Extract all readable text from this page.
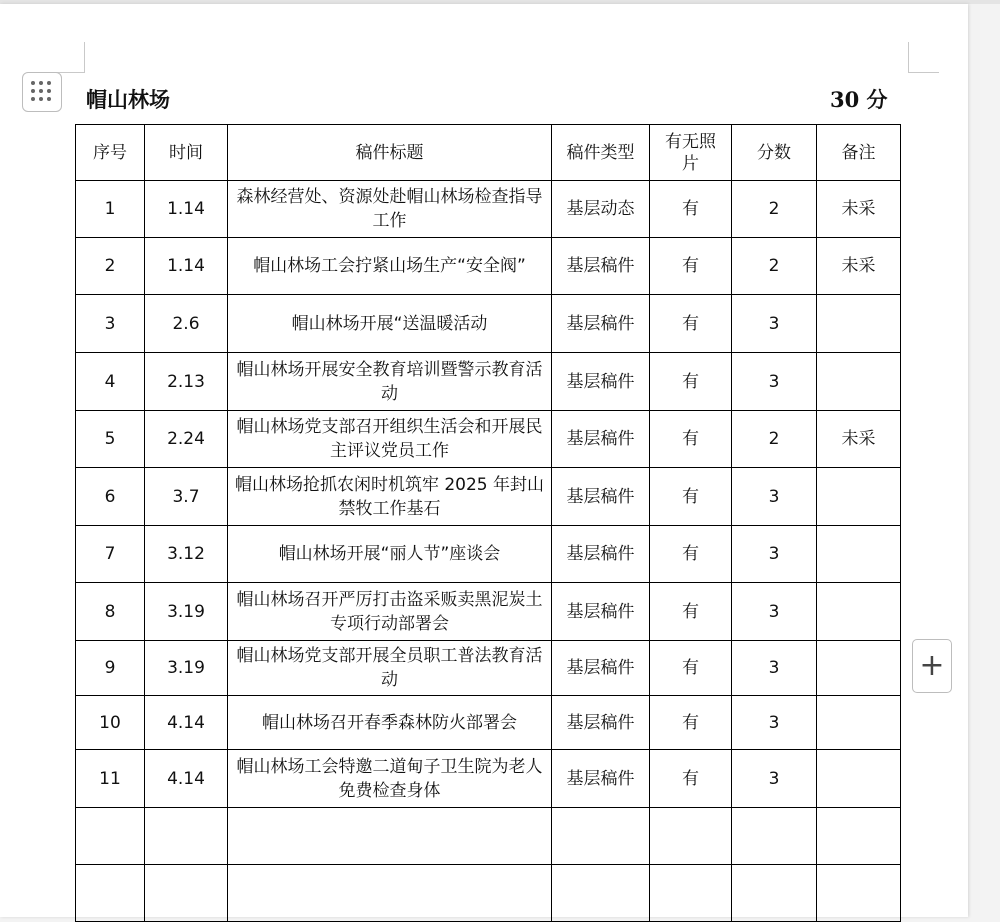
帽山林场	30 分
序号	时间	稿件标题	稿件类型	有无照片	分数	备注
1	1.14	森林经营处、资源处赴帽山林场检查指导工作	基层动态	有	2	未采
2	1.14	帽山林场工会拧紧山场生产“安全阀”	基层稿件	有	2	未采
3	2.6	帽山林场开展“送温暖活动	基层稿件	有	3	
4	2.13	帽山林场开展安全教育培训暨警示教育活动	基层稿件	有	3	
5	2.24	帽山林场党支部召开组织生活会和开展民主评议党员工作	基层稿件	有	2	未采
6	3.7	帽山林场抢抓农闲时机筑牢 2025 年封山禁牧工作基石	基层稿件	有	3	
7	3.12	帽山林场开展“丽人节”座谈会	基层稿件	有	3	
8	3.19	帽山林场召开严厉打击盗采贩卖黑泥炭土专项行动部署会	基层稿件	有	3	
9	3.19	帽山林场党支部开展全员职工普法教育活动	基层稿件	有	3	
10	4.14	帽山林场召开春季森林防火部署会	基层稿件	有	3	
11	4.14	帽山林场工会特邀二道甸子卫生院为老人免费检查身体	基层稿件	有	3	

+
